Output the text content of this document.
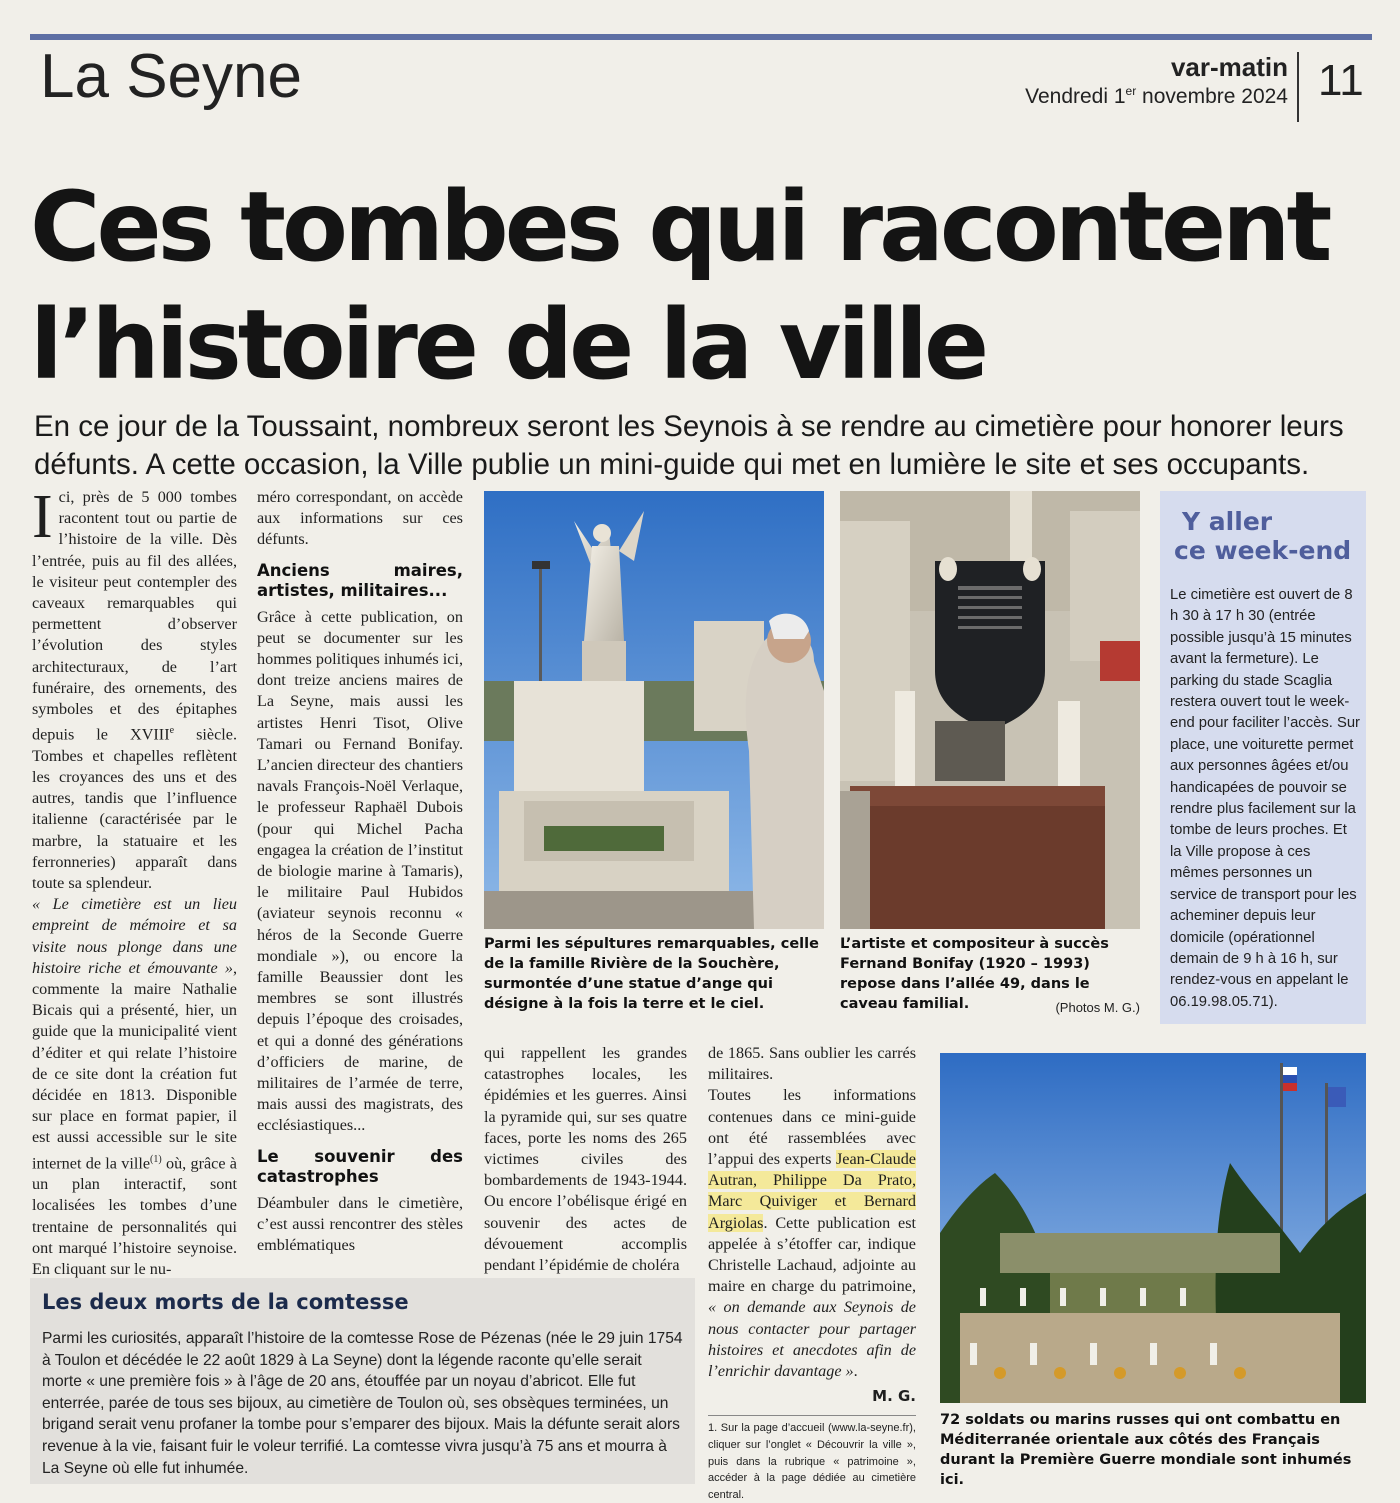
La Seyne	var-matin
Vendredi 1er novembre 2024 11
Ces tombes qui racontent
l’histoire de la ville
En ce jour de la Toussaint, nombreux seront les Seynois à se rendre au cimetière pour honorer leurs défunts. A cette occasion, la Ville publie un mini-guide qui met en lumière le site et ses occupants.

Ici, près de 5 000 tombes racontent tout ou partie de l’histoire de la ville. Dès l’entrée, puis au fil des allées, le visiteur peut contempler des caveaux remarquables qui permettent d’observer l’évolution des styles architecturaux, de l’art funéraire, des ornements, des symboles et des épitaphes depuis le XVIIIe siècle. Tombes et chapelles reflètent les croyances des uns et des autres, tandis que l’influence italienne (caractérisée par le marbre, la statuaire et les ferronneries) apparaît dans toute sa splendeur.

« Le cimetière est un lieu empreint de mémoire et sa visite nous plonge dans une histoire riche et émouvante », commente la maire Nathalie Bicais qui a présenté, hier, un guide que la municipalité vient d’éditer et qui relate l’histoire de ce site dont la création fut décidée en 1813. Disponible sur place en format papier, il est aussi accessible sur le site internet de la ville$^{(1)}$ où, grâce à un plan interactif, sont localisées les tombes d’une trentaine de personnalités qui ont marqué l’histoire seynoise. En cliquant sur le nu-

méro correspondant, on accède aux informations sur ces défunts.

Anciens maires, artistes, militaires...

Grâce à cette publication, on peut se documenter sur les hommes politiques inhumés ici, dont treize anciens maires de La Seyne, mais aussi les artistes Henri Tisot, Olive Tamari ou Fernand Bonifay. L’ancien directeur des chantiers navals François-Noël Verlaque, le professeur Raphaël Dubois (pour qui Michel Pacha engagea la création de l’institut de biologie marine à Tamaris), le militaire Paul Hubidos (aviateur seynois reconnu « héros de la Seconde Guerre mondiale »), ou encore la famille Beaussier dont les membres se sont illustrés depuis l’époque des croisades, et qui a donné des générations d’officiers de marine, de militaires de l’armée de terre, mais aussi des magistrats, des ecclésiastiques...

Le souvenir des catastrophes

Déambuler dans le cimetière, c’est aussi rencontrer des stèles emblématiques

Parmi les sépultures remarquables, celle de la famille Rivière de la Souchère, surmontée d’une statue d’ange qui désigne à la fois la terre et le ciel.
L’artiste et compositeur à succès Fernand Bonifay (1920 – 1993) repose dans l’allée 49, dans le caveau familial.	(Photos M. G.)
Y aller
ce week-end
Le cimetière est ouvert de 8 h 30 à 17 h 30 (entrée possible jusqu’à 15 minutes avant la fermeture). Le parking du stade Scaglia restera ouvert tout le week-end pour faciliter l’accès. Sur place, une voiturette permet aux personnes âgées et/ou handicapées de pouvoir se rendre plus facilement sur la tombe de leurs proches. Et la Ville propose à ces mêmes personnes un service de transport pour les acheminer depuis leur domicile (opérationnel demain de 9 h à 16 h, sur rendez-vous en appelant le 06.19.98.05.71).

qui rappellent les grandes catastrophes locales, les épidémies et les guerres. Ainsi la pyramide qui, sur ses quatre faces, porte les noms des 265 victimes civiles des bombardements de 1943-1944. Ou encore l’obélisque érigé en souvenir des actes de dévouement accomplis pendant l’épidémie de choléra

de 1865. Sans oublier les carrés militaires.

Toutes les informations contenues dans ce mini-guide ont été rassemblées avec l’appui des experts Jean-Claude Autran, Philippe Da Prato, Marc Quiviger et Bernard Argiolas. Cette publication est appelée à s’étoffer car, indique Christelle Lachaud, adjointe au maire en charge du patrimoine, « on demande aux Seynois de nous contacter pour partager histoires et anecdotes afin de l’enrichir davantage ».

M. G.
1. Sur la page d’accueil (www.la-seyne.fr), cliquer sur l’onglet « Découvrir la ville », puis dans la rubrique « patrimoine », accéder à la page dédiée au cimetière central.
72 soldats ou marins russes qui ont combattu en Méditerranée orientale aux côtés des Français durant la Première Guerre mondiale sont inhumés ici.
Les deux morts de la comtesse
Parmi les curiosités, apparaît l’histoire de la comtesse Rose de Pézenas (née le 29 juin 1754 à Toulon et décédée le 22 août 1829 à La Seyne) dont la légende raconte qu’elle serait morte « une première fois » à l’âge de 20 ans, étouffée par un noyau d’abricot. Elle fut enterrée, parée de tous ses bijoux, au cimetière de Toulon où, ses obsèques terminées, un brigand serait venu profaner la tombe pour s’emparer des bijoux. Mais la défunte serait alors revenue à la vie, faisant fuir le voleur terrifié. La comtesse vivra jusqu’à 75 ans et mourra à La Seyne où elle fut inhumée.
